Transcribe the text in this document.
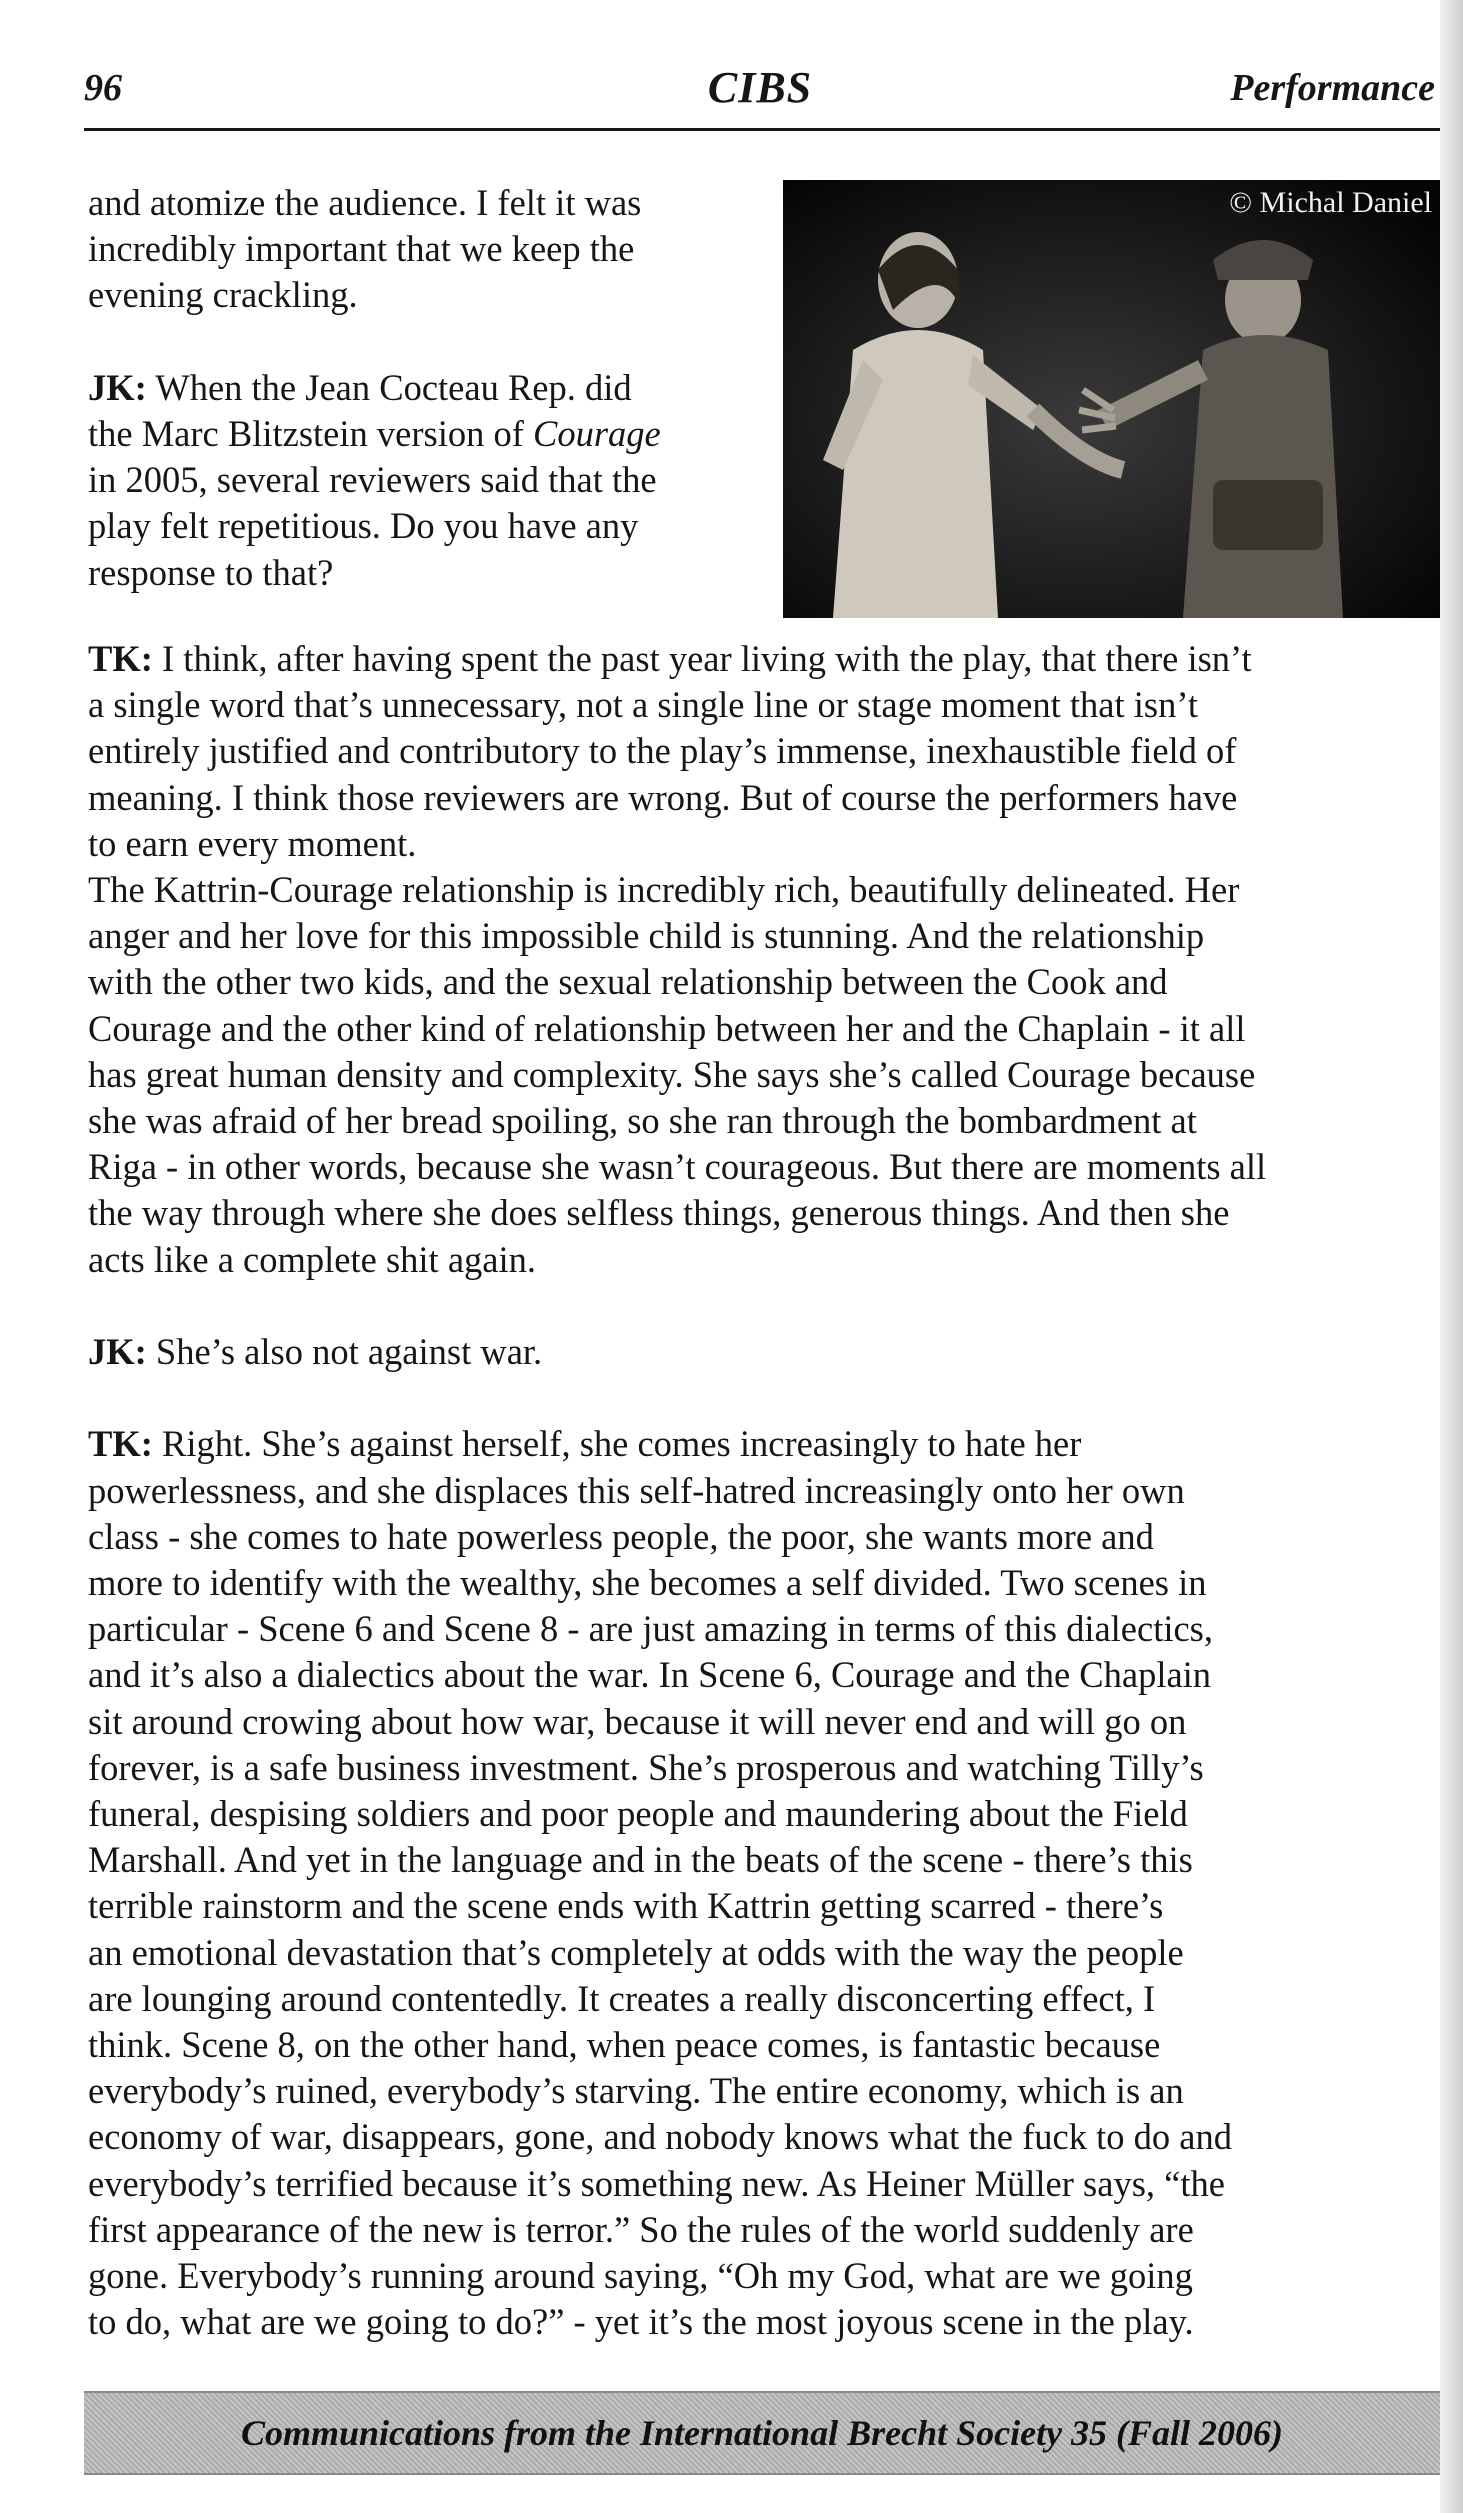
96	CIBS	Performance
© Michal Daniel

and atomize the audience. I felt it was

incredibly important that we keep the

evening crackling.

JK: When the Jean Cocteau Rep. did

the Marc Blitzstein version of Courage

in 2005, several reviewers said that the

play felt repetitious. Do you have any

response to that?

TK: I think, after having spent the past year living with the play, that there isn’t

a single word that’s unnecessary, not a single line or stage moment that isn’t

entirely justified and contributory to the play’s immense, inexhaustible field of

meaning. I think those reviewers are wrong. But of course the performers have

to earn every moment.

The Kattrin-Courage relationship is incredibly rich, beautifully delineated. Her

anger and her love for this impossible child is stunning. And the relationship

with the other two kids, and the sexual relationship between the Cook and

Courage and the other kind of relationship between her and the Chaplain - it all

has great human density and complexity. She says she’s called Courage because

she was afraid of her bread spoiling, so she ran through the bombardment at

Riga - in other words, because she wasn’t courageous. But there are moments all

the way through where she does selfless things, generous things. And then she

acts like a complete shit again.

JK: She’s also not against war.

TK: Right. She’s against herself, she comes increasingly to hate her

powerlessness, and she displaces this self-hatred increasingly onto her own

class - she comes to hate powerless people, the poor, she wants more and

more to identify with the wealthy, she becomes a self divided. Two scenes in

particular - Scene 6 and Scene 8 - are just amazing in terms of this dialectics,

and it’s also a dialectics about the war. In Scene 6, Courage and the Chaplain

sit around crowing about how war, because it will never end and will go on

forever, is a safe business investment. She’s prosperous and watching Tilly’s

funeral, despising soldiers and poor people and maundering about the Field

Marshall. And yet in the language and in the beats of the scene - there’s this

terrible rainstorm and the scene ends with Kattrin getting scarred - there’s

an emotional devastation that’s completely at odds with the way the people

are lounging around contentedly. It creates a really disconcerting effect, I

think. Scene 8, on the other hand, when peace comes, is fantastic because

everybody’s ruined, everybody’s starving. The entire economy, which is an

economy of war, disappears, gone, and nobody knows what the fuck to do and

everybody’s terrified because it’s something new. As Heiner Müller says, “the

first appearance of the new is terror.” So the rules of the world suddenly are

gone. Everybody’s running around saying, “Oh my God, what are we going

to do, what are we going to do?” - yet it’s the most joyous scene in the play.

Communications from the International Brecht Society 35 (Fall 2006)
